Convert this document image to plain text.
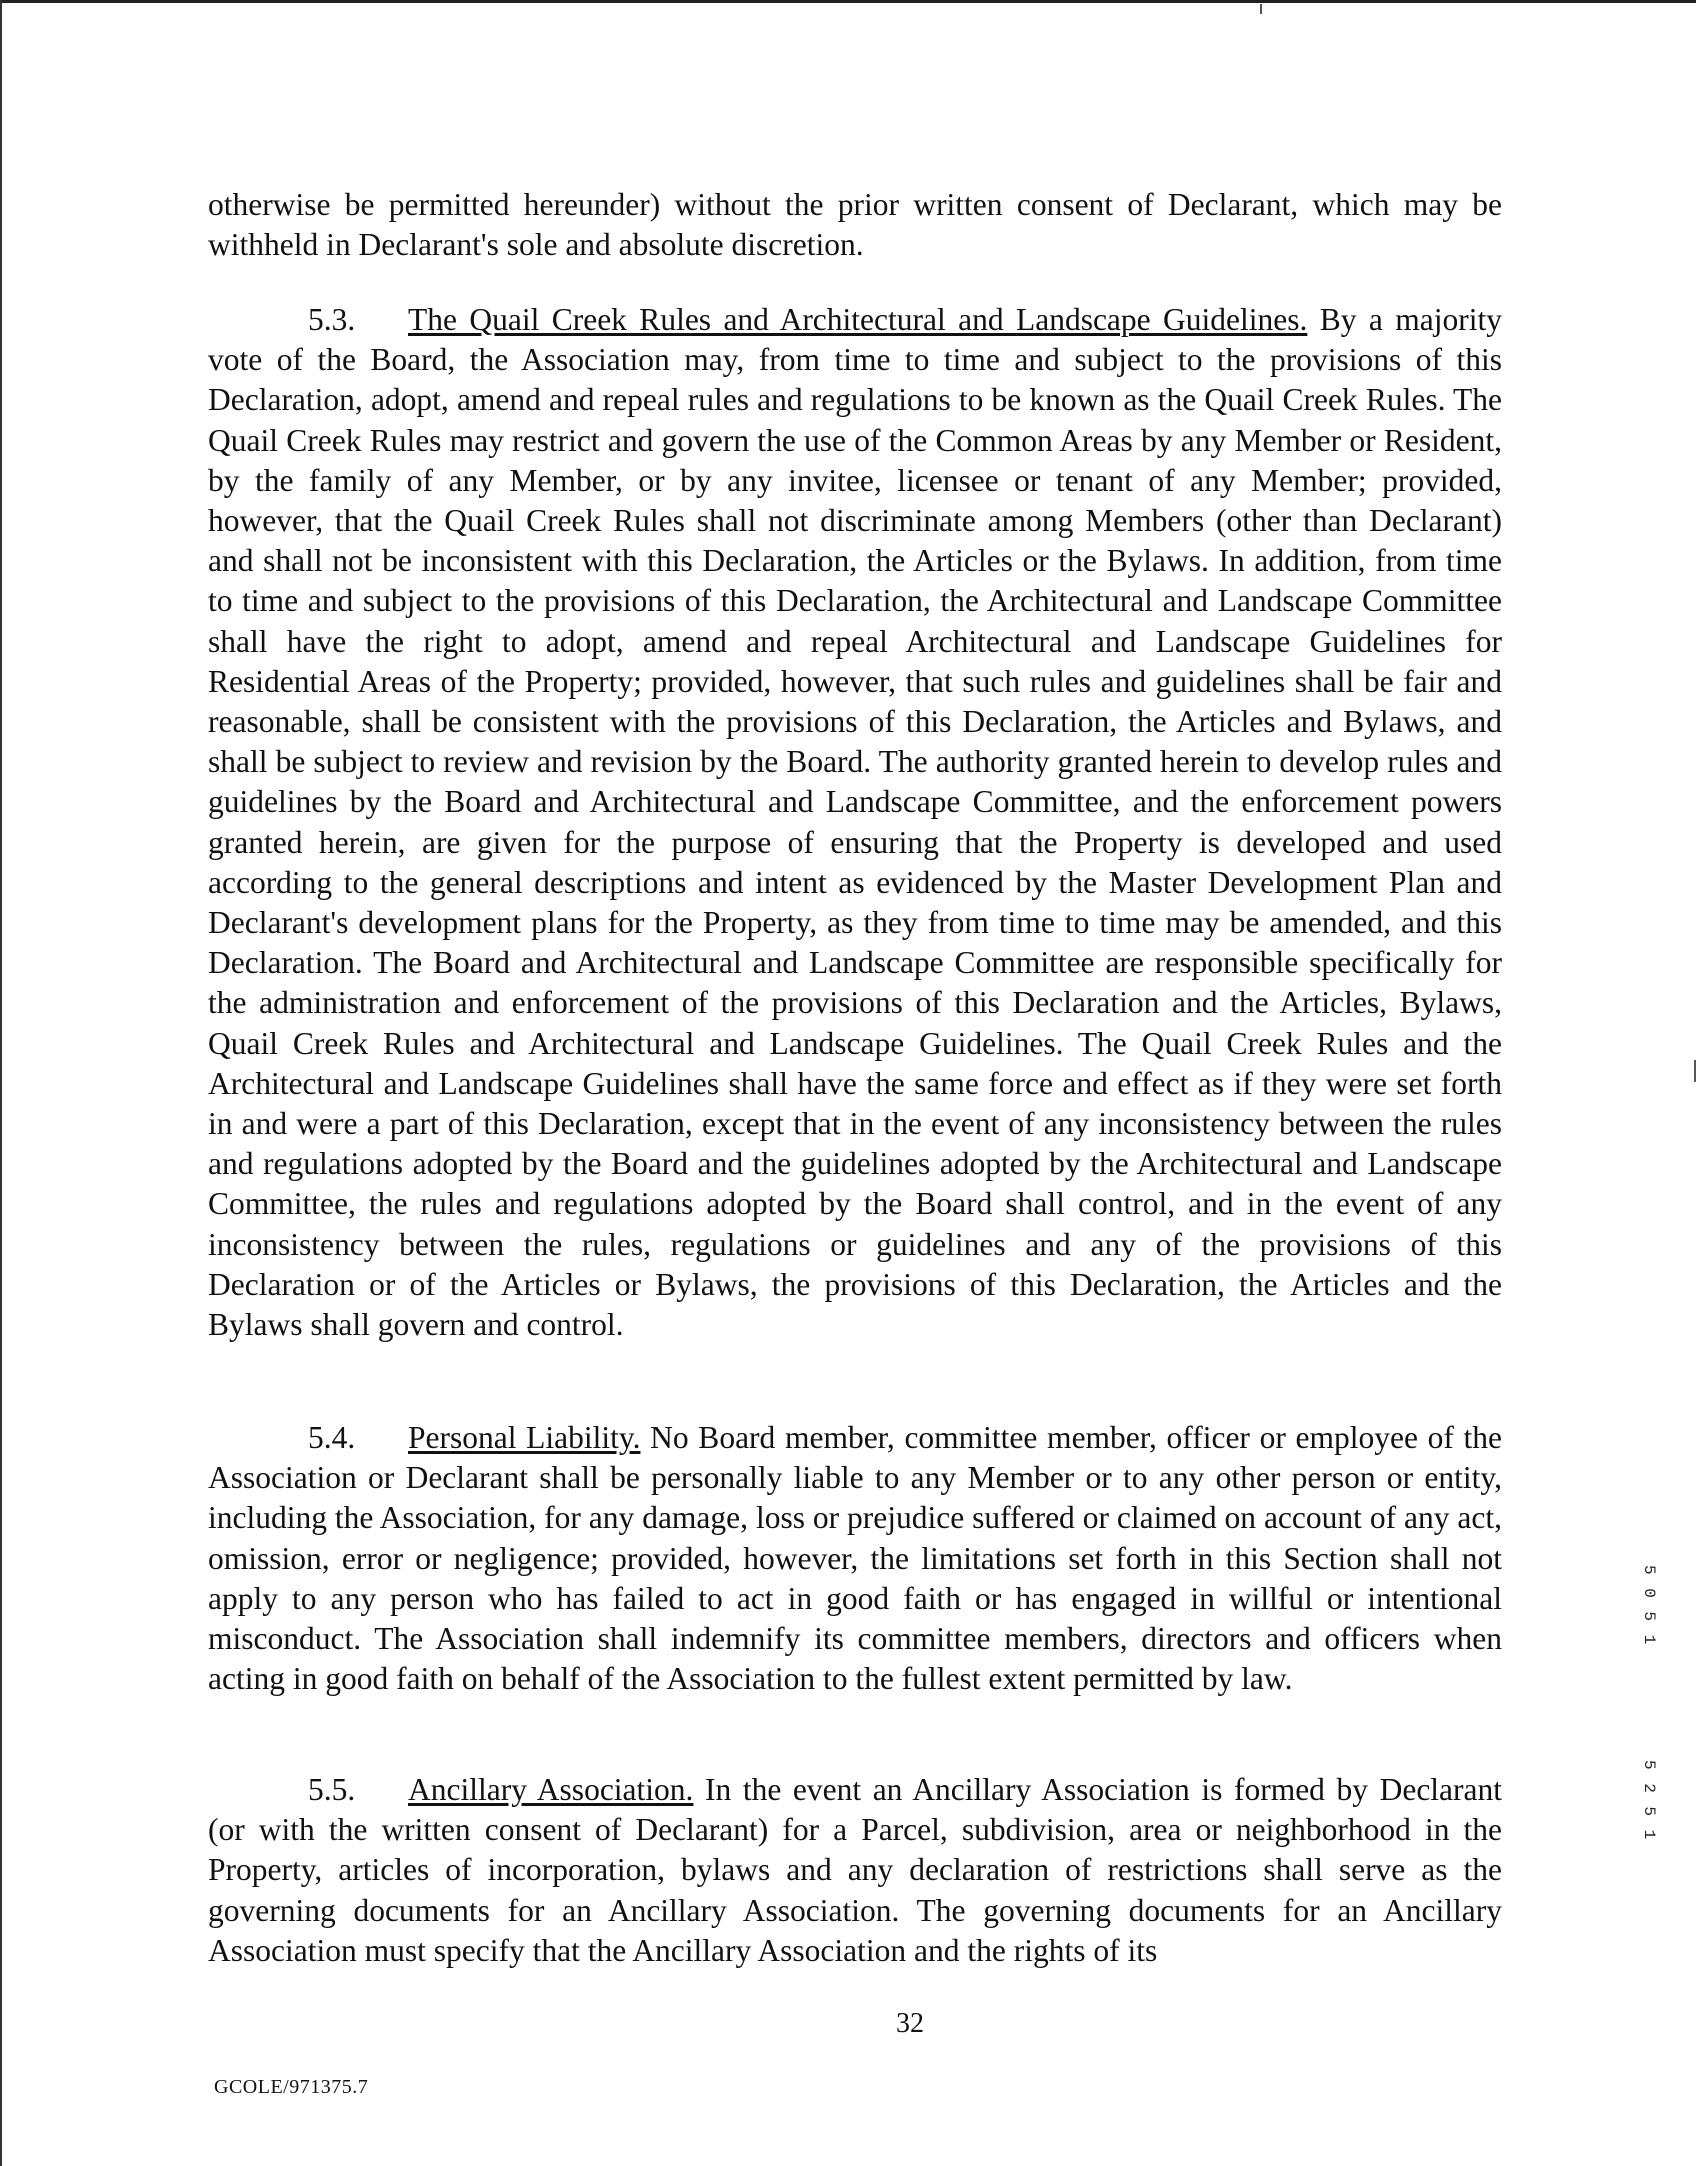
otherwise be permitted hereunder) without the prior written consent of Declarant, which may be withheld in Declarant's sole and absolute discretion.

5.3. The Quail Creek Rules and Architectural and Landscape Guidelines. By a majority vote of the Board, the Association may, from time to time and subject to the provisions of this Declaration, adopt, amend and repeal rules and regulations to be known as the Quail Creek Rules. The Quail Creek Rules may restrict and govern the use of the Common Areas by any Member or Resident, by the family of any Member, or by any invitee, licensee or tenant of any Member; provided, however, that the Quail Creek Rules shall not discriminate among Members (other than Declarant) and shall not be inconsistent with this Declaration, the Articles or the Bylaws. In addition, from time to time and subject to the provisions of this Declaration, the Architectural and Landscape Committee shall have the right to adopt, amend and repeal Architectural and Landscape Guidelines for Residential Areas of the Property; provided, however, that such rules and guidelines shall be fair and reasonable, shall be consistent with the provisions of this Declaration, the Articles and Bylaws, and shall be subject to review and revision by the Board. The authority granted herein to develop rules and guidelines by the Board and Architectural and Landscape Committee, and the enforcement powers granted herein, are given for the purpose of ensuring that the Property is developed and used according to the general descriptions and intent as evidenced by the Master Development Plan and Declarant's development plans for the Property, as they from time to time may be amended, and this Declaration. The Board and Architectural and Landscape Committee are responsible specifically for the administration and enforcement of the provisions of this Declaration and the Articles, Bylaws, Quail Creek Rules and Architectural and Landscape Guidelines. The Quail Creek Rules and the Architectural and Landscape Guidelines shall have the same force and effect as if they were set forth in and were a part of this Declaration, except that in the event of any inconsistency between the rules and regulations adopted by the Board and the guidelines adopted by the Architectural and Landscape Committee, the rules and regulations adopted by the Board shall control, and in the event of any inconsistency between the rules, regulations or guidelines and any of the provisions of this Declaration or of the Articles or Bylaws, the provisions of this Declaration, the Articles and the Bylaws shall govern and control.

5.4. Personal Liability. No Board member, committee member, officer or employee of the Association or Declarant shall be personally liable to any Member or to any other person or entity, including the Association, for any damage, loss or prejudice suffered or claimed on account of any act, omission, error or negligence; provided, however, the limitations set forth in this Section shall not apply to any person who has failed to act in good faith or has engaged in willful or intentional misconduct. The Association shall indemnify its committee members, directors and officers when acting in good faith on behalf of the Association to the fullest extent permitted by law.

5.5. Ancillary Association. In the event an Ancillary Association is formed by Declarant (or with the written consent of Declarant) for a Parcel, subdivision, area or neighborhood in the Property, articles of incorporation, bylaws and any declaration of restrictions shall serve as the governing documents for an Ancillary Association. The governing documents for an Ancillary Association must specify that the Ancillary Association and the rights of its

5 0 5 1
5 2 5 1
32
GCOLE/971375.7
